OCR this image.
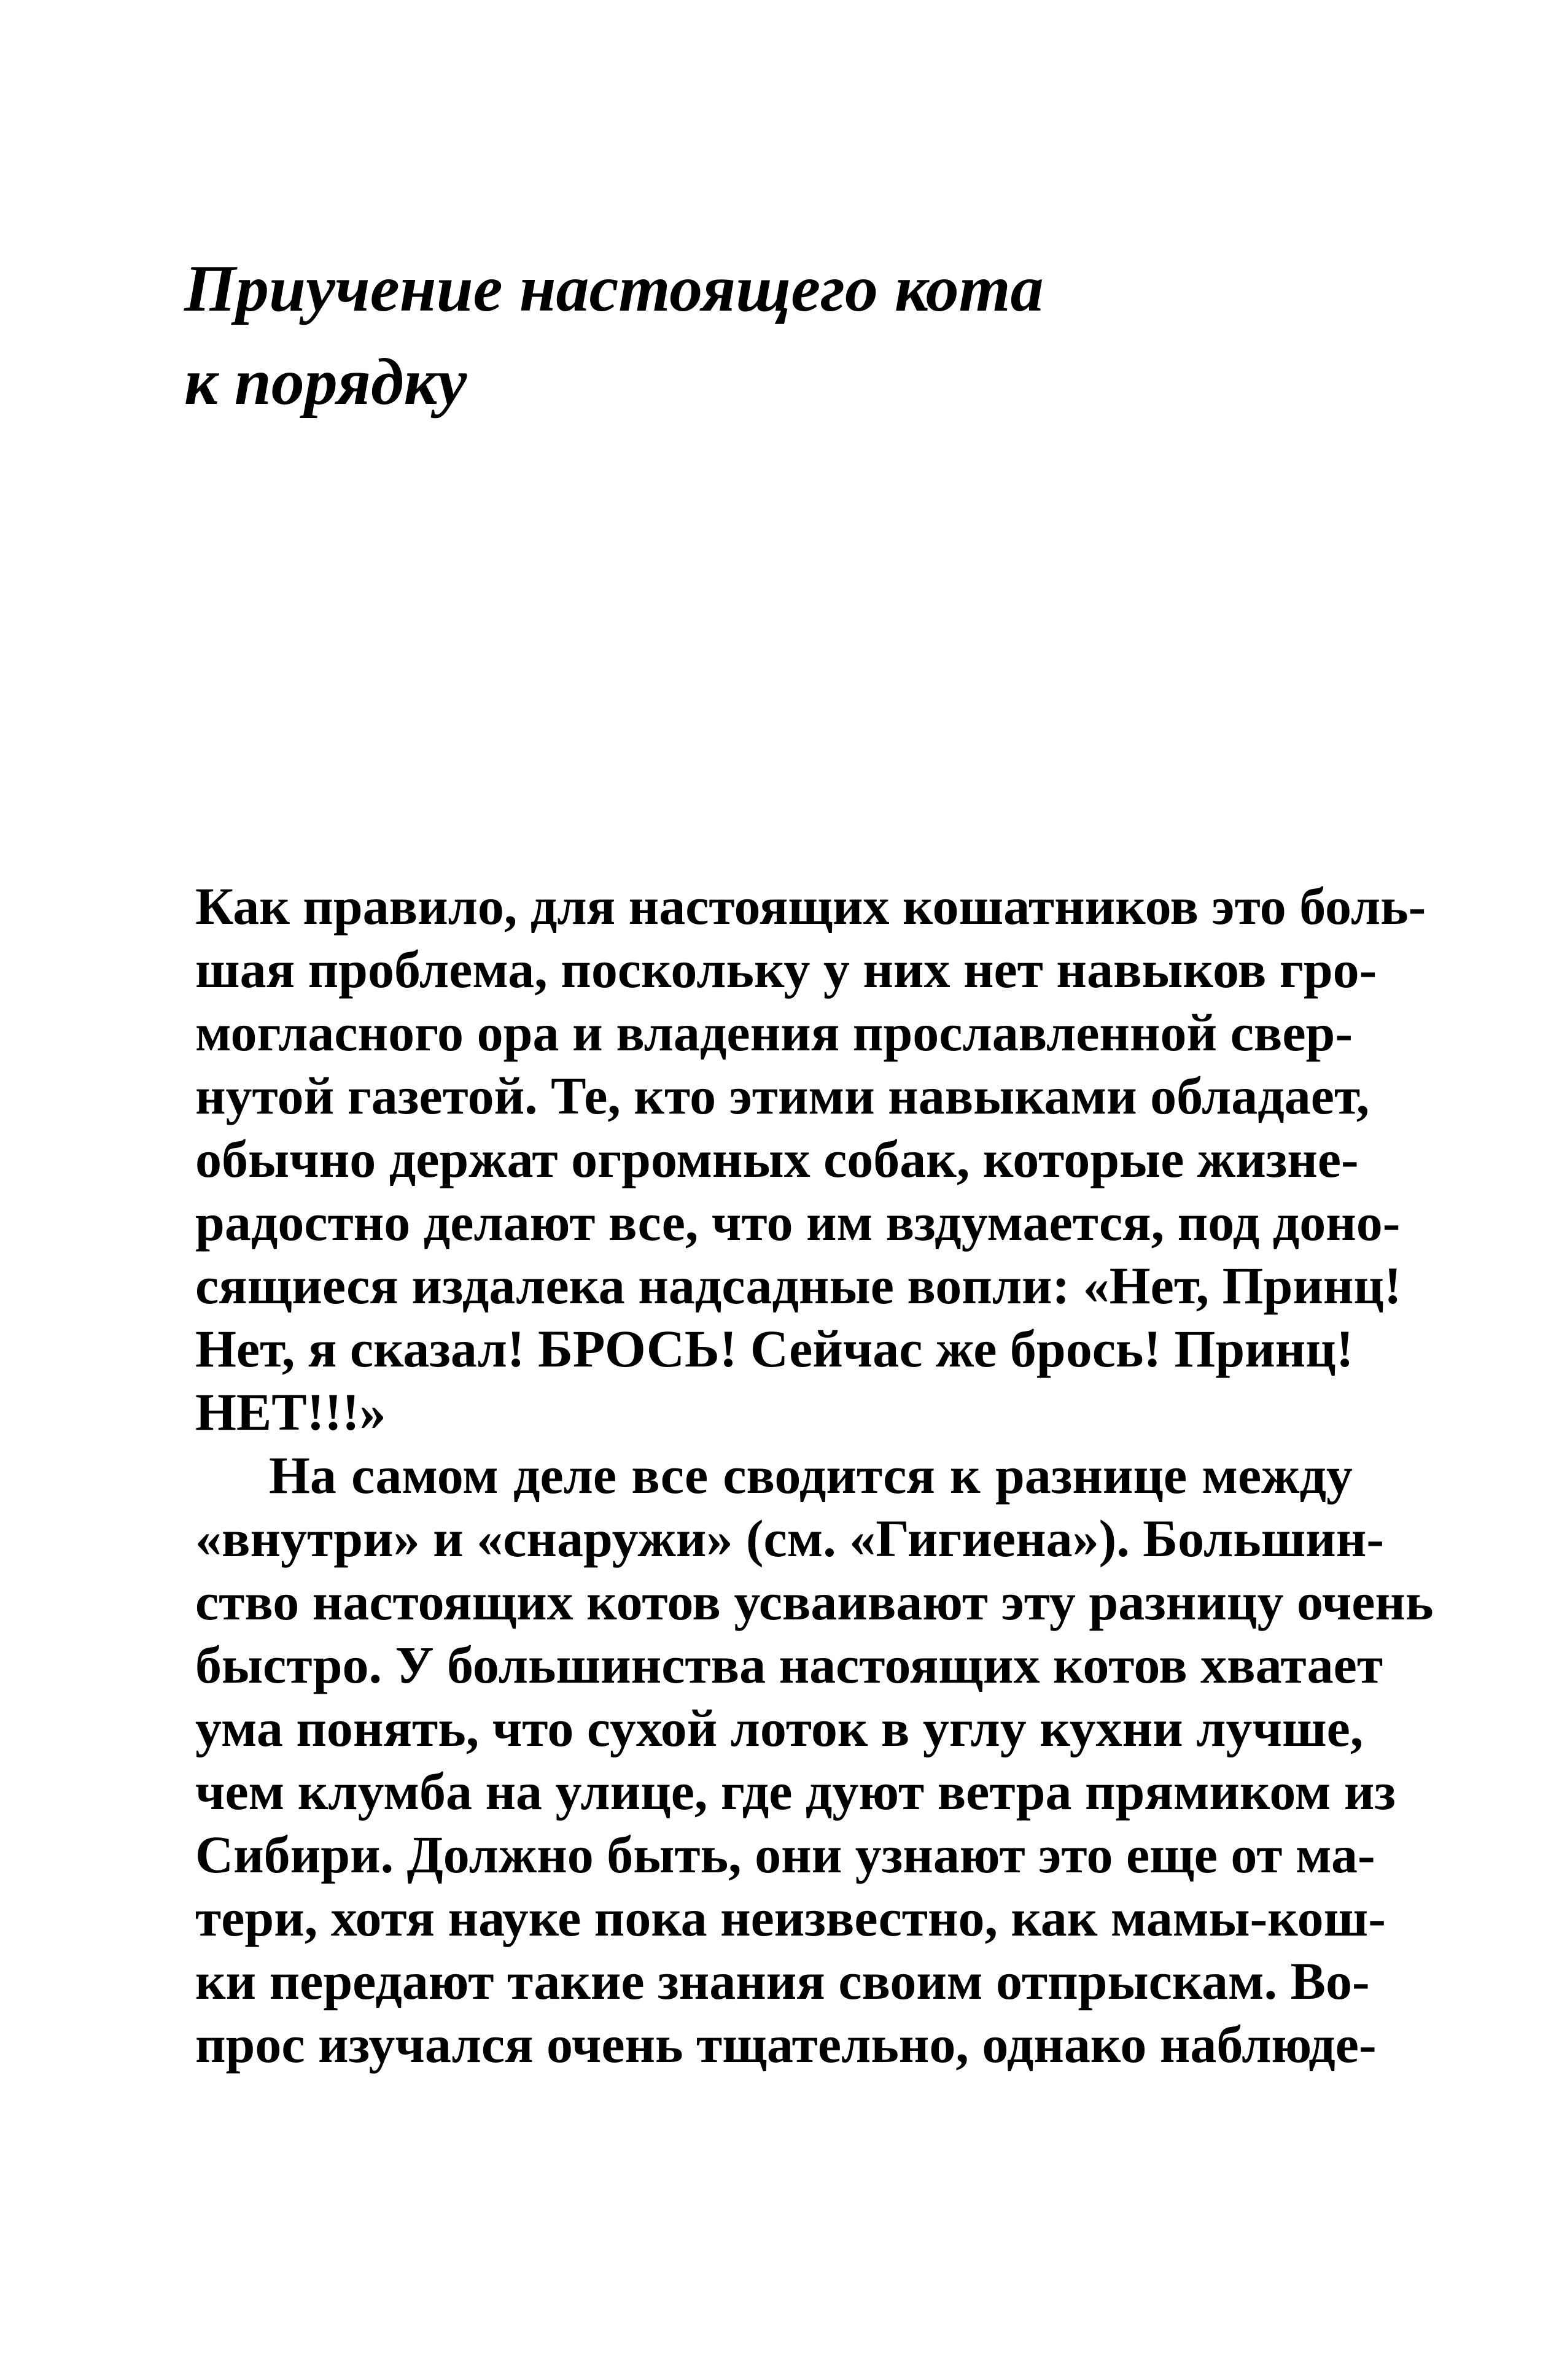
Приучение настоящего кота
к порядку
Как правило, для настоящих кошатников это боль-
шая проблема, поскольку у них нет навыков гро-
могласного ора и владения прославленной свер-
нутой газетой. Те, кто этими навыками обладает,
обычно держат огромных собак, которые жизне-
радостно делают все, что им вздумается, под доно-
сящиеся издалека надсадные вопли: «Нет, Принц!
Нет, я сказал! БРОСЬ! Сейчас же брось! Принц!
НЕТ!!!»
На самом деле все сводится к разнице между
«внутри» и «снаружи» (см. «Гигиена»). Большин-
ство настоящих котов усваивают эту разницу очень
быстро. У большинства настоящих котов хватает
ума понять, что сухой лоток в углу кухни лучше,
чем клумба на улице, где дуют ветра прямиком из
Сибири. Должно быть, они узнают это еще от ма-
тери, хотя науке пока неизвестно, как мамы-кош-
ки передают такие знания своим отпрыскам. Во-
прос изучался очень тщательно, однако наблюде-
